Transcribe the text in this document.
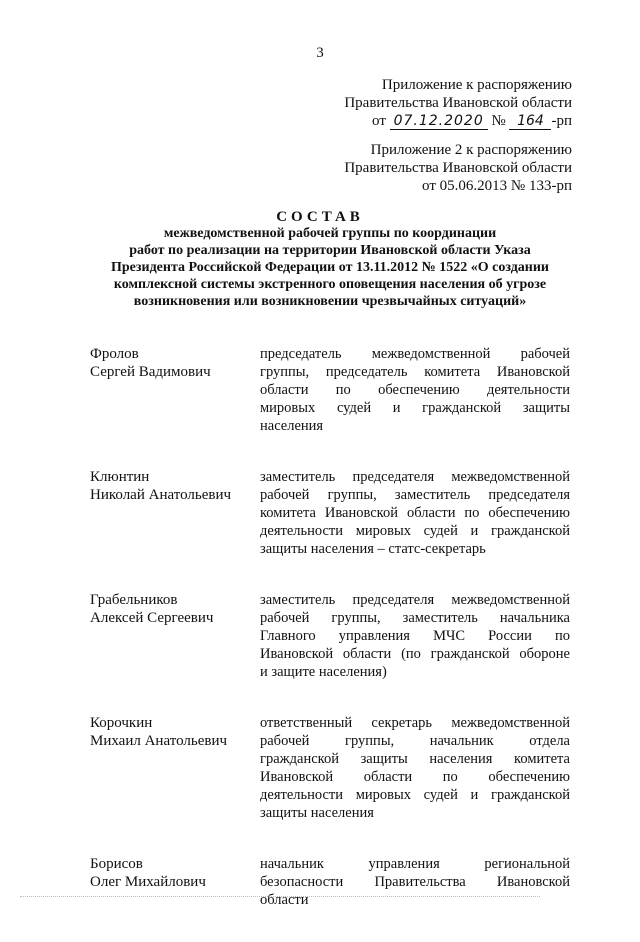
3
Приложение к распоряжению
Правительства Ивановской области
от 07.12.2020 № 164 -рп
Приложение 2 к распоряжению
Правительства Ивановской области
от 05.06.2013 № 133-рп
СОСТАВ
межведомственной рабочей группы по координации
работ по реализации на территории Ивановской области Указа
Президента Российской Федерации от 13.11.2012 № 1522 «О создании
комплексной системы экстренного оповещения населения об угрозе
возникновения или возникновении чрезвычайных ситуаций»
Фролов
Сергей Вадимович
председатель межведомственной рабочей
группы, председатель комитета Ивановской
области по обеспечению деятельности
мировых судей и гражданской защиты
населения
Клюнтин
Николай Анатольевич
заместитель председателя межведомственной
рабочей группы, заместитель председателя
комитета Ивановской области по обеспечению
деятельности мировых судей и гражданской
защиты населения – статс-секретарь
Грабельников
Алексей Сергеевич
заместитель председателя межведомственной
рабочей группы, заместитель начальника
Главного управления МЧС России по
Ивановской области (по гражданской обороне
и защите населения)
Корочкин
Михаил Анатольевич
ответственный секретарь межведомственной
рабочей группы, начальник отдела
гражданской защиты населения комитета
Ивановской области по обеспечению
деятельности мировых судей и гражданской
защиты населения
Борисов
Олег Михайлович
начальник управления региональной
безопасности Правительства Ивановской
области
